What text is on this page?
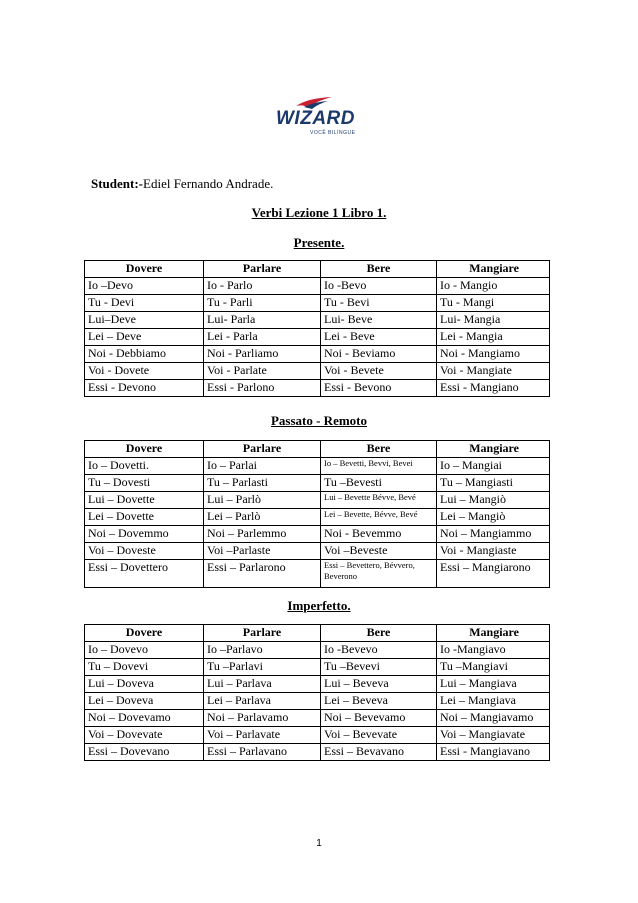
WIZARD
VOCÊ BILÍNGUE
Student:-Ediel Fernando Andrade.
Verbi Lezione 1 Libro 1.
Presente.
Dovere	Parlare	Bere	Mangiare
Io –Devo	Io - Parlo	Io -Bevo	Io - Mangio
Tu - Devi	Tu - Parli	Tu - Bevi	Tu - Mangi
Lui–Deve	Lui- Parla	Lui- Beve	Lui- Mangia
Lei – Deve	Lei - Parla	Lei - Beve	Lei - Mangia
Noi - Debbiamo	Noi - Parliamo	Noi - Beviamo	Noi - Mangiamo
Voi - Dovete	Voi - Parlate	Voi - Bevete	Voi - Mangiate
Essi - Devono	Essi - Parlono	Essi - Bevono	Essi - Mangiano
Passato - Remoto
Dovere	Parlare	Bere	Mangiare
Io – Dovetti.	Io – Parlai	Io – Bevetti, Bevvi, Bevei	Io – Mangiai
Tu – Dovesti	Tu – Parlasti	Tu –Bevesti	Tu – Mangiasti
Lui – Dovette	Lui – Parlò	Lui – Bevette Bévve, Bevé	Lui – Mangiò
Lei – Dovette	Lei – Parlò	Lei – Bevette, Bévve, Bevé	Lei – Mangiò
Noi – Dovemmo	Noi – Parlemmo	Noi - Bevemmo	Noi – Mangiammo
Voi – Doveste	Voi –Parlaste	Voi –Beveste	Voi - Mangiaste
Essi – Dovettero	Essi – Parlarono	Essi – Bevettero, Bévvero, Beverono	Essi – Mangiarono
Imperfetto.
Dovere	Parlare	Bere	Mangiare
Io – Dovevo	Io –Parlavo	Io -Bevevo	Io -Mangiavo
Tu – Dovevi	Tu –Parlavi	Tu –Bevevi	Tu –Mangiavi
Lui – Doveva	Lui – Parlava	Lui – Beveva	Lui – Mangiava
Lei – Doveva	Lei – Parlava	Lei – Beveva	Lei – Mangiava
Noi – Dovevamo	Noi – Parlavamo	Noi – Bevevamo	Noi – Mangiavamo
Voi – Dovevate	Voi – Parlavate	Voi – Bevevate	Voi – Mangiavate
Essi – Dovevano	Essi – Parlavano	Essi – Bevavano	Essi - Mangiavano
1
